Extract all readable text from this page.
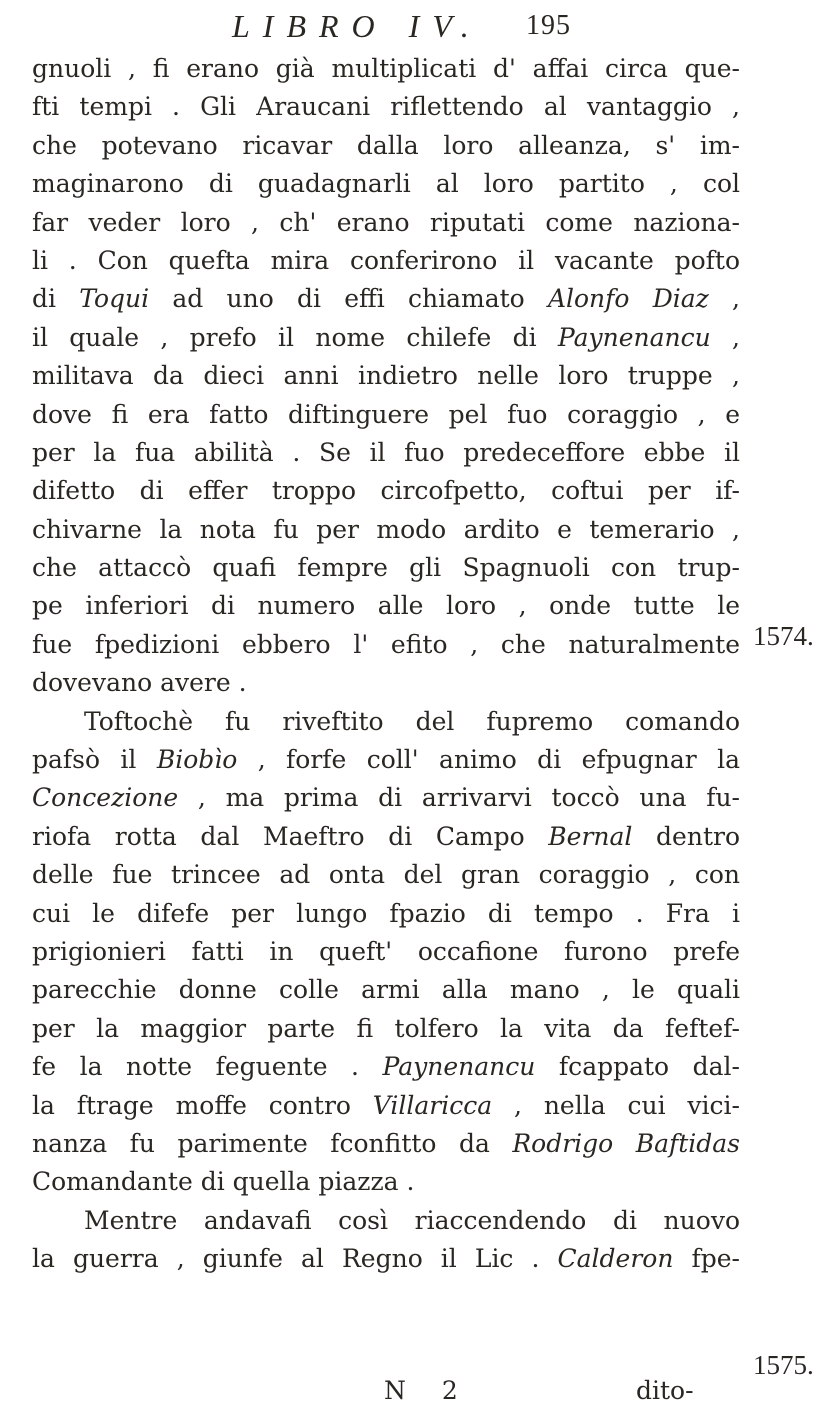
LIBRO IV. 195
gnuoli , fi erano già multiplicati d' affai circa que-
fti tempi . Gli Araucani riflettendo al vantaggio ,
che potevano ricavar dalla loro alleanza, s' im-
maginarono di guadagnarli al loro partito , col
far veder loro , ch' erano riputati come naziona-
li . Con quefta mira conferirono il vacante pofto
di Toqui ad uno di effi chiamato Alonfo Diaz ,
il quale , prefo il nome chilefe di Paynenancu ,
militava da dieci anni indietro nelle loro truppe ,
dove fi era fatto diftinguere pel fuo coraggio , e
per la fua abilità . Se il fuo predeceffore ebbe il
difetto di effer troppo circofpetto, coftui per if-
chivarne la nota fu per modo ardito e temerario ,
che attaccò quafi fempre gli Spagnuoli con trup-
pe inferiori di numero alle loro , onde tutte le
fue fpedizioni ebbero l' efito , che naturalmente
dovevano avere .
Toftochè fu riveftito del fupremo comando
pafsò il Biobìo , forfe coll' animo di efpugnar la
Concezione , ma prima di arrivarvi toccò una fu-
riofa rotta dal Maeftro di Campo Bernal dentro
delle fue trincee ad onta del gran coraggio , con
cui le difefe per lungo fpazio di tempo . Fra i
prigionieri fatti in queft' occafione furono prefe
parecchie donne colle armi alla mano , le quali
per la maggior parte fi tolfero la vita da feftef-
fe la notte feguente . Paynenancu fcappato dal-
la ftrage moffe contro Villaricca , nella cui vici-
nanza fu parimente fconfitto da Rodrigo Baftidas
Comandante di quella piazza .
Mentre andavafi così riaccendendo di nuovo
la guerra , giunfe al Regno il Lic . Calderon fpe-
1574.
1575.
N 2	dito-
